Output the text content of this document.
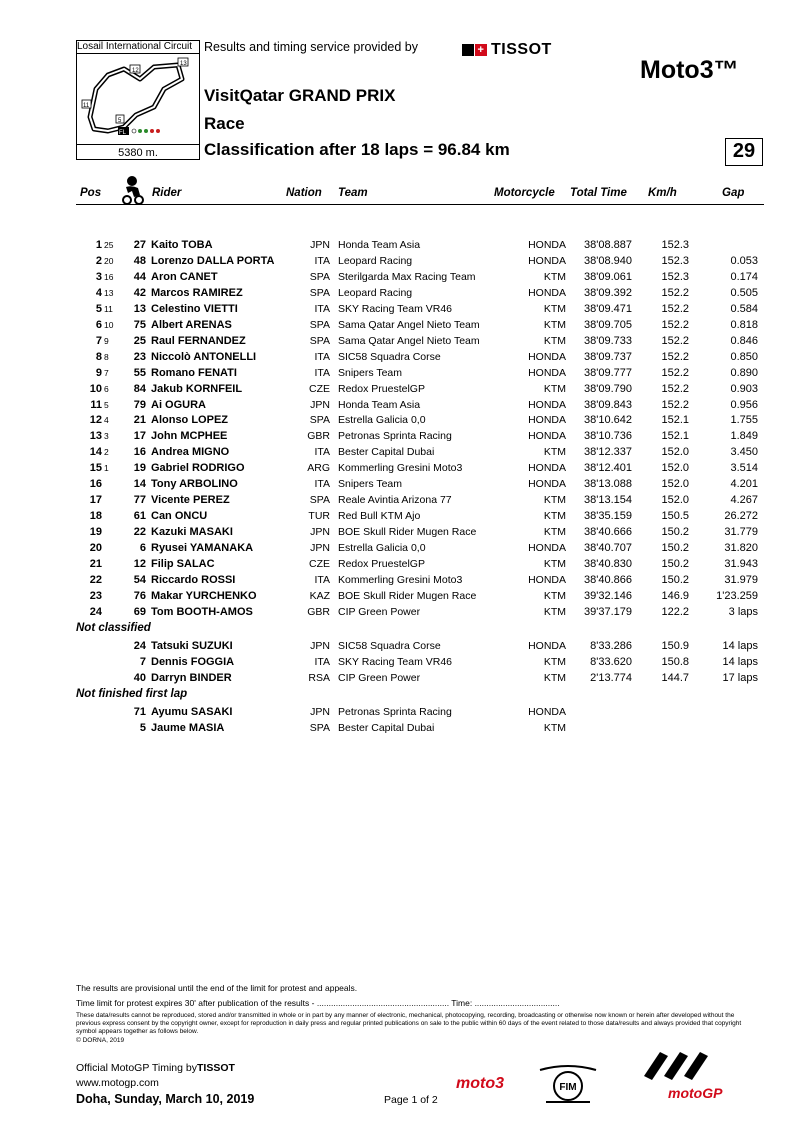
Losail International Circuit
12
13
11
5
FL
5380 m.
Results and timing service provided by	+ TISSOT
Moto3™
VisitQatar GRAND PRIX
Race
Classification after 18 laps = 96.84 km	29
Pos	Rider	Nation Team	Motorcycle Total Time Km/h	Gap
1 25	27 Kaito TOBA	JPN Honda Team Asia	HONDA	38'08.887	152.3
2 20	48 Lorenzo DALLA PORTA	ITA Leopard Racing	HONDA	38'08.940	152.3	0.053
3 16	44 Aron CANET	SPA Sterilgarda Max Racing Team	KTM	38'09.061	152.3	0.174
4 13	42 Marcos RAMIREZ	SPA Leopard Racing	HONDA	38'09.392	152.2	0.505
5 11	13 Celestino VIETTI	ITA SKY Racing Team VR46	KTM	38'09.471	152.2	0.584
6 10	75 Albert ARENAS	SPA Sama Qatar Angel Nieto Team	KTM	38'09.705	152.2	0.818
7 9	25 Raul FERNANDEZ	SPA Sama Qatar Angel Nieto Team	KTM	38'09.733	152.2	0.846
8 8	23 Niccolò ANTONELLI	ITA SIC58 Squadra Corse	HONDA	38'09.737	152.2	0.850
9 7	55 Romano FENATI	ITA Snipers Team	HONDA	38'09.777	152.2	0.890
10 6	84 Jakub KORNFEIL	CZE Redox PruestelGP	KTM	38'09.790	152.2	0.903
11 5	79 Ai OGURA	JPN Honda Team Asia	HONDA	38'09.843	152.2	0.956
12 4	21 Alonso LOPEZ	SPA Estrella Galicia 0,0	HONDA	38'10.642	152.1	1.755
13 3	17 John MCPHEE	GBR Petronas Sprinta Racing	HONDA	38'10.736	152.1	1.849
14 2	16 Andrea MIGNO	ITA Bester Capital Dubai	KTM	38'12.337	152.0	3.450
15 1	19 Gabriel RODRIGO	ARG Kommerling Gresini Moto3	HONDA	38'12.401	152.0	3.514
16	14 Tony ARBOLINO	ITA Snipers Team	HONDA	38'13.088	152.0	4.201
17	77 Vicente PEREZ	SPA Reale Avintia Arizona 77	KTM	38'13.154	152.0	4.267
18	61 Can ONCU	TUR Red Bull KTM Ajo	KTM	38'35.159	150.5	26.272
19	22 Kazuki MASAKI	JPN BOE Skull Rider Mugen Race	KTM	38'40.666	150.2	31.779
20	6 Ryusei YAMANAKA	JPN Estrella Galicia 0,0	HONDA	38'40.707	150.2	31.820
21	12 Filip SALAC	CZE Redox PruestelGP	KTM	38'40.830	150.2	31.943
22	54 Riccardo ROSSI	ITA Kommerling Gresini Moto3	HONDA	38'40.866	150.2	31.979
23	76 Makar YURCHENKO	KAZ BOE Skull Rider Mugen Race	KTM	39'32.146	146.9	1'23.259
24	69 Tom BOOTH-AMOS	GBR CIP Green Power	KTM	39'37.179	122.2	3 laps
Not classified
24 Tatsuki SUZUKI	JPN SIC58 Squadra Corse	HONDA	8'33.286	150.9	14 laps
7 Dennis FOGGIA	ITA SKY Racing Team VR46	KTM	8'33.620	150.8	14 laps
40 Darryn BINDER	RSA CIP Green Power	KTM	2'13.774	144.7	17 laps
Not finished first lap
71 Ayumu SASAKI	JPN Petronas Sprinta Racing	HONDA
5 Jaume MASIA	SPA Bester Capital Dubai	KTM
The results are provisional until the end of the limit for protest and appeals.
Time limit for protest expires 30' after publication of the results - ........................................................ Time: ....................................
These data/results cannot be reproduced, stored and/or transmitted in whole or in part by any manner of electronic, mechanical, photocopying, recording, broadcasting or otherwise now known or herein after developed without the previous express consent by the copyright owner, except for reproduction in daily press and regular printed publications on sale to the public within 60 days of the event related to those data/results and always provided that copyright symbol appears together as follows below.
© DORNA, 2019
Official MotoGP Timing byTISSOT
www.motogp.com
Doha, Sunday, March 10, 2019	Page 1 of 2
moto3	FIM	motoGP
